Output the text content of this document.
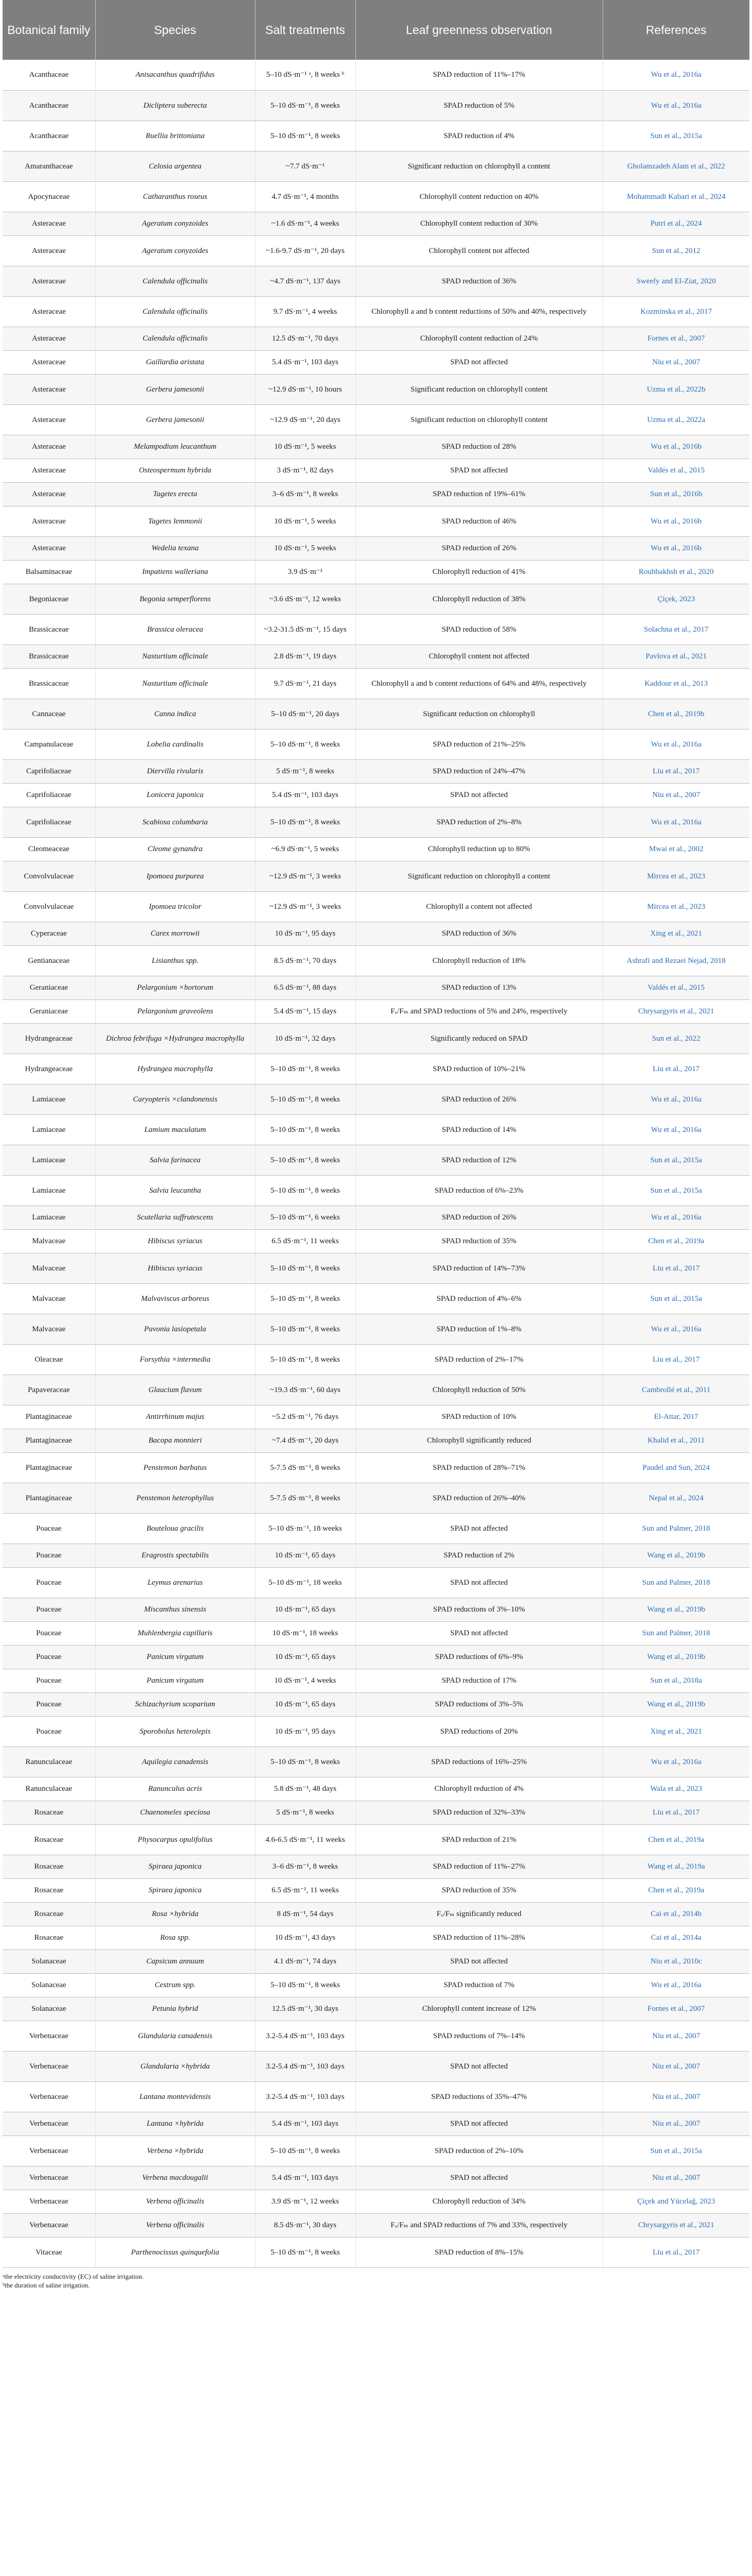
Botanical family	Species	Salt treatments	Leaf greenness observation	References
Acanthaceae	Anisacanthus quadrifidus	5–10 dS·m⁻¹ ᵃ, 8 weeks ᵇ	SPAD reduction of 11%–17%	Wu et al., 2016a
Acanthaceae	Dicliptera suberecta	5–10 dS·m⁻¹, 8 weeks	SPAD reduction of 5%	Wu et al., 2016a
Acanthaceae	Ruellia brittoniana	5–10 dS·m⁻¹, 8 weeks	SPAD reduction of 4%	Sun et al., 2015a
Amaranthaceae	Celosia argentea	~7.7 dS·m⁻¹	Significant reduction on chlorophyll a content	Gholamzadeh Alam et al., 2022
Apocynaceae	Catharanthus roseus	4.7 dS·m⁻¹, 4 months	Chlorophyll content reduction on 40%	Mohammadi Kabari et al., 2024
Asteraceae	Ageratum conyzoides	~1.6 dS·m⁻¹, 4 weeks	Chlorophyll content reduction of 30%	Putri et al., 2024
Asteraceae	Ageratum conyzoides	~1.6-9.7 dS·m⁻¹, 20 days	Chlorophyll content not affected	Sun et al., 2012
Asteraceae	Calendula officinalis	~4.7 dS·m⁻¹, 137 days	SPAD reduction of 36%	Sweefy and El-Ziat, 2020
Asteraceae	Calendula officinalis	9.7 dS·m⁻¹, 4 weeks	Chlorophyll a and b content reductions of 50% and 40%, respectively	Kozminska et al., 2017
Asteraceae	Calendula officinalis	12.5 dS·m⁻¹, 70 days	Chlorophyll content reduction of 24%	Fornes et al., 2007
Asteraceae	Gaillardia aristata	5.4 dS·m⁻¹, 103 days	SPAD not affected	Niu et al., 2007
Asteraceae	Gerbera jamesonii	~12.9 dS·m⁻¹, 10 hours	Significant reduction on chlorophyll content	Uzma et al., 2022b
Asteraceae	Gerbera jamesonii	~12.9 dS·m⁻¹, 20 days	Significant reduction on chlorophyll content	Uzma et al., 2022a
Asteraceae	Melampodium leucanthum	10 dS·m⁻¹, 5 weeks	SPAD reduction of 28%	Wu et al., 2016b
Asteraceae	Osteospermum hybrida	3 dS·m⁻¹, 82 days	SPAD not affected	Valdés et al., 2015
Asteraceae	Tagetes erecta	3–6 dS·m⁻¹, 8 weeks	SPAD reduction of 19%–61%	Sun et al., 2016b
Asteraceae	Tagetes lemmonii	10 dS·m⁻¹, 5 weeks	SPAD reduction of 46%	Wu et al., 2016b
Asteraceae	Wedelia texana	10 dS·m⁻¹, 5 weeks	SPAD reduction of 26%	Wu et al., 2016b
Balsaminaceae	Impatiens walleriana	3.9 dS·m⁻¹	Chlorophyll reduction of 41%	Rouhbakhsh et al., 2020
Begoniaceae	Begonia semperflorens	~3.6 dS·m⁻¹, 12 weeks	Chlorophyll reduction of 38%	Çiçek, 2023
Brassicaceae	Brassica oleracea	~3.2-31.5 dS·m⁻¹, 15 days	SPAD reduction of 58%	Solachna et al., 2017
Brassicaceae	Nasturtium officinale	2.8 dS·m⁻¹, 19 days	Chlorophyll content not affected	Pavlova et al., 2021
Brassicaceae	Nasturtium officinale	9.7 dS·m⁻¹, 21 days	Chlorophyll a and b content reductions of 64% and 48%, respectively	Kaddour et al., 2013
Cannaceae	Canna indica	5–10 dS·m⁻¹, 20 days	Significant reduction on chlorophyll	Chen et al., 2019b
Campanulaceae	Lobelia cardinalis	5–10 dS·m⁻¹, 8 weeks	SPAD reduction of 21%–25%	Wu et al., 2016a
Caprifoliaceae	Diervilla rivularis	5 dS·m⁻¹, 8 weeks	SPAD reduction of 24%–47%	Liu et al., 2017
Caprifoliaceae	Lonicera japonica	5.4 dS·m⁻¹, 103 days	SPAD not affected	Niu et al., 2007
Caprifoliaceae	Scabiosa columbaria	5–10 dS·m⁻¹, 8 weeks	SPAD reduction of 2%–8%	Wu et al., 2016a
Cleomeaceae	Cleome gynandra	~6.9 dS·m⁻¹, 5 weeks	Chlorophyll reduction up to 80%	Mwai et al., 2002
Convolvulaceae	Ipomoea purpurea	~12.9 dS·m⁻¹, 3 weeks	Significant reduction on chlorophyll a content	Mircea et al., 2023
Convolvulaceae	Ipomoea tricolor	~12.9 dS·m⁻¹, 3 weeks	Chlorophyll a content not affected	Mircea et al., 2023
Cyperaceae	Carex morrowii	10 dS·m⁻¹, 95 days	SPAD reduction of 36%	Xing et al., 2021
Gentianaceae	Lisianthus spp.	8.5 dS·m⁻¹, 70 days	Chlorophyll reduction of 18%	Ashrafi and Rezaei Nejad, 2018
Geraniaceae	Pelargonium ×hortorum	6.5 dS·m⁻¹, 88 days	SPAD reduction of 13%	Valdés et al., 2015
Geraniaceae	Pelargonium graveolens	5.4 dS·m⁻¹, 15 days	Fᵥ/Fₘ and SPAD reductions of 5% and 24%, respectively	Chrysargyris et al., 2021
Hydrangeaceae	Dichroa febrifuga ×Hydrangea macrophylla	10 dS·m⁻¹, 32 days	Significantly reduced on SPAD	Sun et al., 2022
Hydrangeaceae	Hydrangea macrophylla	5–10 dS·m⁻¹, 8 weeks	SPAD reduction of 10%–21%	Liu et al., 2017
Lamiaceae	Caryopteris ×clandonensis	5–10 dS·m⁻¹, 8 weeks	SPAD reduction of 26%	Wu et al., 2016a
Lamiaceae	Lamium maculatum	5–10 dS·m⁻¹, 8 weeks	SPAD reduction of 14%	Wu et al., 2016a
Lamiaceae	Salvia farinacea	5–10 dS·m⁻¹, 8 weeks	SPAD reduction of 12%	Sun et al., 2015a
Lamiaceae	Salvia leucantha	5–10 dS·m⁻¹, 8 weeks	SPAD reduction of 6%–23%	Sun et al., 2015a
Lamiaceae	Scutellaria suffrutescens	5–10 dS·m⁻¹, 6 weeks	SPAD reduction of 26%	Wu et al., 2016a
Malvaceae	Hibiscus syriacus	6.5 dS·m⁻¹, 11 weeks	SPAD reduction of 35%	Chen et al., 2019a
Malvaceae	Hibiscus syriacus	5–10 dS·m⁻¹, 8 weeks	SPAD reduction of 14%–73%	Liu et al., 2017
Malvaceae	Malvaviscus arboreus	5–10 dS·m⁻¹, 8 weeks	SPAD reduction of 4%–6%	Sun et al., 2015a
Malvaceae	Pavonia lasiopetala	5–10 dS·m⁻¹, 8 weeks	SPAD reduction of 1%–8%	Wu et al., 2016a
Oleaceae	Forsythia ×intermedia	5–10 dS·m⁻¹, 8 weeks	SPAD reduction of 2%–17%	Liu et al., 2017
Papaveraceae	Glaucium flavum	~19.3 dS·m⁻¹, 60 days	Chlorophyll reduction of 50%	Cambrollé et al., 2011
Plantaginaceae	Antirrhinum majus	~5.2 dS·m⁻¹, 76 days	SPAD reduction of 10%	El-Attar, 2017
Plantaginaceae	Bacopa monnieri	~7.4 dS·m⁻¹, 20 days	Chlorophyll significantly reduced	Khalid et al., 2011
Plantaginaceae	Penstemon barbatus	5-7.5 dS·m⁻¹, 8 weeks	SPAD reduction of 28%–71%	Paudel and Sun, 2024
Plantaginaceae	Penstemon heterophyllus	5-7.5 dS·m⁻¹, 8 weeks	SPAD reduction of 26%–40%	Nepal et al., 2024
Poaceae	Bouteloua gracilis	5–10 dS·m⁻¹, 18 weeks	SPAD not affected	Sun and Palmer, 2018
Poaceae	Eragrostis spectabilis	10 dS·m⁻¹, 65 days	SPAD reduction of 2%	Wang et al., 2019b
Poaceae	Leymus arenarius	5–10 dS·m⁻¹, 18 weeks	SPAD not affected	Sun and Palmer, 2018
Poaceae	Miscanthus sinensis	10 dS·m⁻¹, 65 days	SPAD reductions of 3%–10%	Wang et al., 2019b
Poaceae	Muhlenbergia capillaris	10 dS·m⁻¹, 18 weeks	SPAD not affected	Sun and Palmer, 2018
Poaceae	Panicum virgatum	10 dS·m⁻¹, 65 days	SPAD reductions of 6%–9%	Wang et al., 2019b
Poaceae	Panicum virgatum	10 dS·m⁻¹, 4 weeks	SPAD reduction of 17%	Sun et al., 2018a
Poaceae	Schizachyrium scoparium	10 dS·m⁻¹, 65 days	SPAD reductions of 3%–5%	Wang et al., 2019b
Poaceae	Sporobolus heterolepis	10 dS·m⁻¹, 95 days	SPAD reductions of 20%	Xing et al., 2021
Ranunculaceae	Aquilegia canadensis	5–10 dS·m⁻¹, 8 weeks	SPAD reductions of 16%–25%	Wu et al., 2016a
Ranunculaceae	Ranunculus acris	5.8 dS·m⁻¹, 48 days	Chlorophyll reduction of 4%	Wala et al., 2023
Rosaceae	Chaenomeles speciosa	5 dS·m⁻¹, 8 weeks	SPAD reduction of 32%–33%	Liu et al., 2017
Rosaceae	Physocarpus opulifolius	4.6-6.5 dS·m⁻¹, 11 weeks	SPAD reduction of 21%	Chen et al., 2019a
Rosaceae	Spiraea japonica	3–6 dS·m⁻¹, 8 weeks	SPAD reduction of 11%–27%	Wang et al., 2019a
Rosaceae	Spiraea japonica	6.5 dS·m⁻¹, 11 weeks	SPAD reduction of 35%	Chen et al., 2019a
Rosaceae	Rosa ×hybrida	8 dS·m⁻¹, 54 days	Fᵥ/Fₘ significantly reduced	Cai et al., 2014b
Rosaceae	Rosa spp.	10 dS·m⁻¹, 43 days	SPAD reduction of 11%–28%	Cai et al., 2014a
Solanaceae	Capsicum annuum	4.1 dS·m⁻¹, 74 days	SPAD not affected	Niu et al., 2010c
Solanaceae	Cestrum spp.	5–10 dS·m⁻¹, 8 weeks	SPAD reduction of 7%	Wu et al., 2016a
Solanaceae	Petunia hybrid	12.5 dS·m⁻¹, 30 days	Chlorophyll content increase of 12%	Fornes et al., 2007
Verbenaceae	Glandularia canadensis	3.2-5.4 dS·m⁻¹, 103 days	SPAD reductions of 7%–14%	Niu et al., 2007
Verbenaceae	Glandularia ×hybrida	3.2-5.4 dS·m⁻¹, 103 days	SPAD not affected	Niu et al., 2007
Verbenaceae	Lantana montevidensis	3.2-5.4 dS·m⁻¹, 103 days	SPAD reductions of 35%–47%	Niu et al., 2007
Verbenaceae	Lantana ×hybrida	5.4 dS·m⁻¹, 103 days	SPAD not affected	Niu et al., 2007
Verbenaceae	Verbena ×hybrida	5–10 dS·m⁻¹, 8 weeks	SPAD reduction of 2%–10%	Sun et al., 2015a
Verbenaceae	Verbena macdougalii	5.4 dS·m⁻¹, 103 days	SPAD not affected	Niu et al., 2007
Verbenaceae	Verbena officinalis	3.9 dS·m⁻¹, 12 weeks	Chlorophyll reduction of 34%	Çiçek and Yücelağ, 2023
Verbenaceae	Verbena officinalis	8.5 dS·m⁻¹, 30 days	Fᵥ/Fₘ and SPAD reductions of 7% and 33%, respectively	Chrysargyris et al., 2021
Vitaceae	Parthenocissus quinquefolia	5–10 dS·m⁻¹, 8 weeks	SPAD reduction of 8%–15%	Liu et al., 2017
ᵃthe electricity conductivity (EC) of saline irrigation.
ᵇthe duration of saline irrigation.
